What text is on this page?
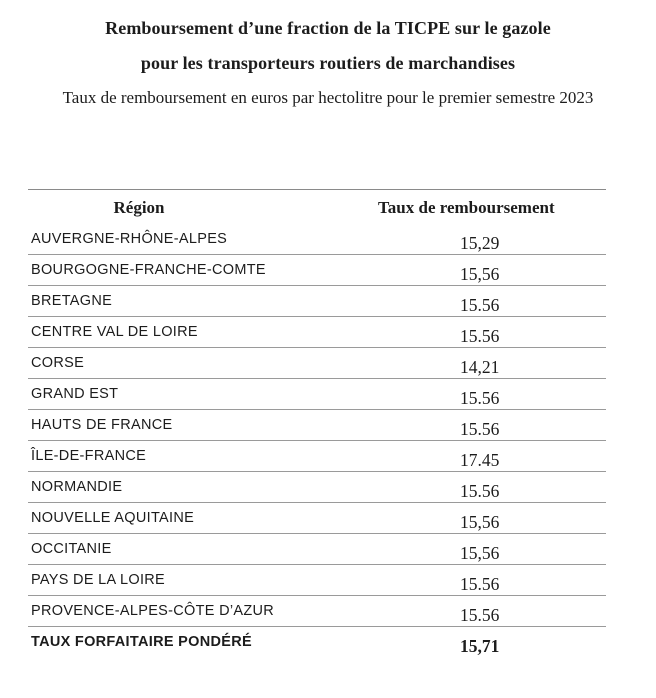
Remboursement d’une fraction de la TICPE sur le gazole
pour les transporteurs routiers de marchandises
Taux de remboursement en euros par hectolitre pour le premier semestre 2023
Région	Taux de remboursement
AUVERGNE-RHÔNE-ALPES	15,29
BOURGOGNE-FRANCHE-COMTE	15,56
BRETAGNE	15.56
CENTRE VAL DE LOIRE	15.56
CORSE	14,21
GRAND EST	15.56
HAUTS DE FRANCE	15.56
ÎLE-DE-FRANCE	17.45
NORMANDIE	15.56
NOUVELLE AQUITAINE	15,56
OCCITANIE	15,56
PAYS DE LA LOIRE	15.56
PROVENCE-ALPES-CÔTE D’AZUR	15.56
TAUX FORFAITAIRE PONDÉRÉ	15,71
